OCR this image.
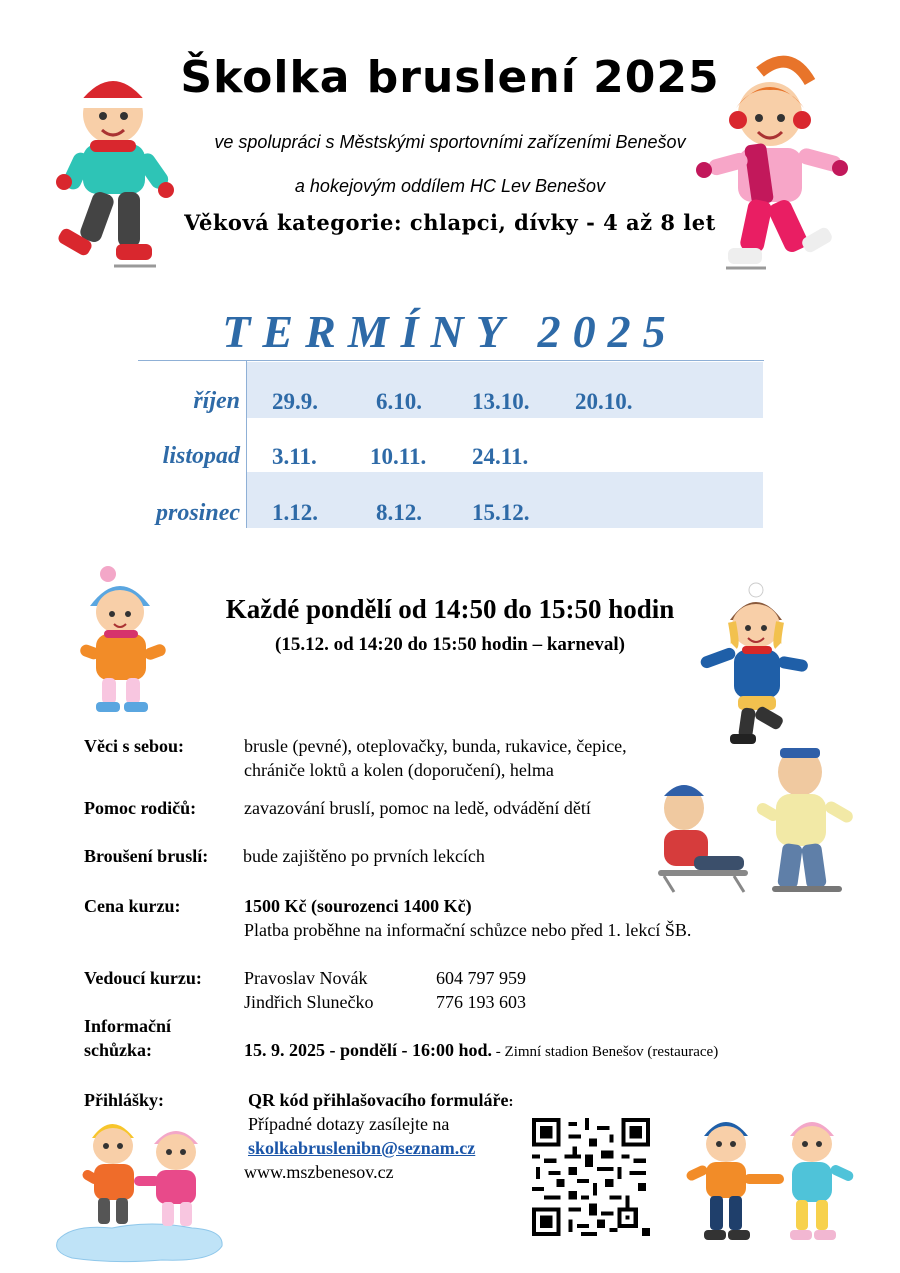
Školka bruslení 2025
ve spolupráci s Městskými sportovními zařízeními Benešov
a hokejovým oddílem HC Lev Benešov
Věková kategorie: chlapci, dívky - 4 až 8 let
TERMÍNY 2025
říjen 29.9.	6.10. 13.10. 20.10.
listopad 3.11. 10.11. 24.11.
prosinec 1.12.	8.12. 15.12.
Každé pondělí od 14:50 do 15:50 hodin
(15.12. od 14:20 do 15:50 hodin – karneval)
Věci s sebou:	brusle (pevné), oteplovačky, bunda, rukavice, čepice,
chrániče loktů a kolen (doporučení), helma
Pomoc rodičů:	zavazování bruslí, pomoc na ledě, odvádění dětí
Broušení bruslí: bude zajištěno po prvních lekcích
Cena kurzu:	1500 Kč (sourozenci 1400 Kč)
Platba proběhne na informační schůzce nebo před 1. lekcí ŠB.
Vedoucí kurzu: Pravoslav Novák	604 797 959
Jindřich Slunečko	776 193 603
Informační
schůzka:	15. 9. 2025 - pondělí - 16:00 hod. - Zimní stadion Benešov (restaurace)
Přihlášky:	QR kód přihlašovacího formuláře:
Případné dotazy zasílejte na
skolkabruslenibn@seznam.cz
www.mszbenesov.cz
